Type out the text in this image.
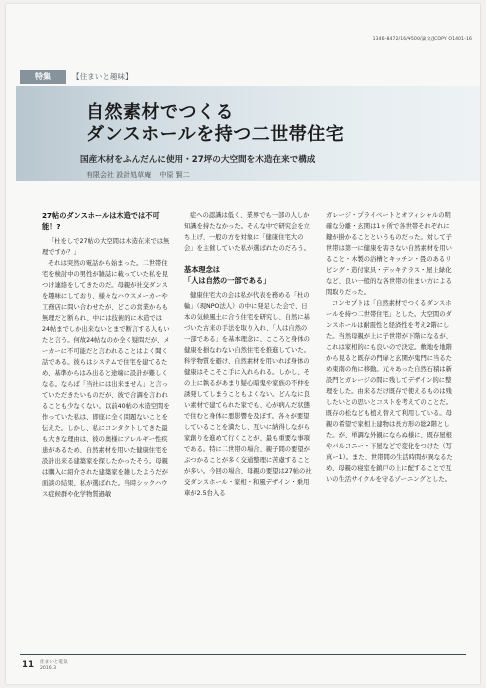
1346-8472/16/¥500/論文/JCOPY O1401-16
特集	【住まいと趣味】
自然素材でつくる
ダンスホールを持つ二世帯住宅
国産木材をふんだんに使用・27坪の大空間を木造在来で構成
有限会社 設計処草庵 中原 賢二
27帖のダンスホールは木造では不可能！?

「杜をしで27帖の大空間は木造在来では無理ですか？」

それは突然の電話から始まった。二世帯住宅を検討中の男性が雑誌に載っていた私を見つけ連絡をしてきたのだ。母親が社交ダンスを趣味にしており、様々なハウスメーカーや工務店に問い合わせたが、どこの営業からも無理だと断られ、中には技術的に木造では24帖までしか出来ないとまで断言する人もいたと言う。何故24帖なのか全く疑問だが、メーカーに不可能だと言われることはよく聞く話である。彼らはシステムで住宅を建てるため、基準からはみ出ると途端に設計が難しくなる。ならば「当社には出来ません」と言っていただきたいものだが、彼で合調を言われることも少なくない。以前40帖の木造空間を作っていた私は、即座に全く問題ないことを伝えた。しかし、私にコンタクトしてきた最も大きな理由は、彼の奥様にアレルギー性疾患があるため、自然素材を用いた健康住宅を設計出来る建築家を探したかったそう。母親は購入に紹介された建築家を雑したようだが面談の結果、私が選ばれた。当時シックハウス症候群や化学物質過敏

症への認識は低く、業界でも一部の人しか知識を持たなかった。そんな中で研究会を立ち上げ、一般の方を対象に「健康住宅大の会」を主催していた私が選ばれたのだろう。

基本理念は
「人は自然の一部である」

健康住宅大の会は私が代表を務める「杜の輪」（現NPO法人）の中に発足した会で、日本の気候風土に合う住宅を研究し、自然に基づいた古来の手法を取り入れ、「人は自然の一部である」を基本理念に、こころと身体の健康を損なわない自然住宅を推進していた。科学物質を避け、自然素材を用いれば身体の健康はそこそこ手に入れられる。しかし、その上に執るがあまり疑心暗鬼や家族の不仲を誘発してしまうこともよくない。どんなに良い素材で建てられた家でも、心が病んだ状態で住むと身体に悪影響を及ぼす。各々が要望していることを満たし、互いに納得しながら家創りを進めて行くことが、最も重要な事項である。特に二世帯の場合、親子間の要望がぶつかることが多く交通整理に苦慮することが多い。今回の場合、母親の要望は27帖の社交ダンスホール・家相・和風デザイン・乗用車が2.5台入る

ガレージ・プライベートとオフィシャルの明確な分離・玄関は1ヶ所で各世帯それぞれに鍵が掛かることというものだった。対して子世帯は第一に健康を害さない自然素材を用いること・木製の浴槽とキッチン・畳のあるリビング・造付家具・デッキテラス・屋上緑化など、良い一般的な各世帯の住まい方による間取りだった。

コンセプトは「自然素材でつくるダンスホールを持つ二世帯住宅」とした。大空間のダンスホールは耐震性と経済性を考え2階にした。当然母親が上に子世帯が下階になるが、これは家相的にも良いので決定。敷地を地階から見ると既存の門扉と玄関が鬼門に当るため東南の角に移動。元々あった自然石積は新設門とガレージの間に残してデザイン的に整理をした。由来るだけ既存で使えるものは残したいとの思いとコストを考えてのことだ。既存の松なども植え替えて利用している。母親の希望で家相上建物は長方形の総2階とした。が、単調な外観にならぬ様に、既存屋根やバルコニー・下屋などで変化をつけた（写真ー1）。また、世帯間の生活時間が異なるため、母親の寝室を鎮戸の上に配することで互いの生活サイクルを守るゾーニングとした。

11 住まいと電気
2016.3
